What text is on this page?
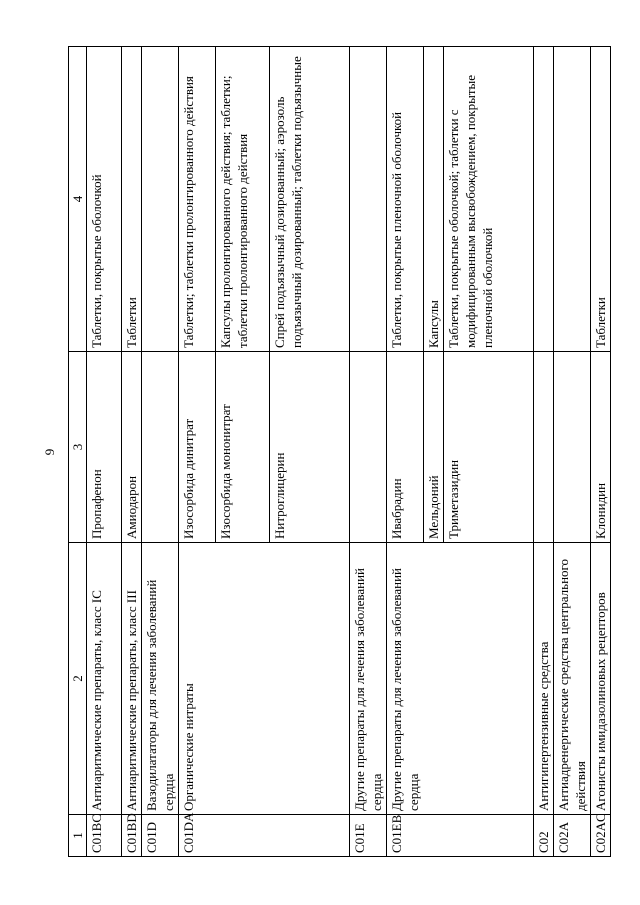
9
1	2	3	4
C01BC	Антиаритмические препараты, класс IC	Пропафенон	Таблетки, покрытые оболочкой
C01BD	Антиаритмические препараты, класс III	Амиодарон	Таблетки
C01D	Вазодилататоры для лечения заболеваний сердца		
C01DA	Органические нитраты	Изосорбида динитрат	Таблетки; таблетки пролонгированного действия
		Изосорбида мононитрат	Капсулы пролонгированного действия; таблетки; таблетки пролонгированного действия
		Нитроглицерин	Спрей подъязычный дозированный; аэрозоль подъязычный дозированный; таблетки подъязычные
C01E	Другие препараты для лечения заболеваний сердца		
C01EB	Другие препараты для лечения заболеваний сердца	Ивабрадин	Таблетки, покрытые пленочной оболочкой
		Мельдоний	Капсулы
		Триметазидин	Таблетки, покрытые оболочкой; таблетки с модифицированным высвобождением, покрытые пленочной оболочкой
C02	Антигипертензивные средства		
C02A	Антиадренергические средства центрального действия		
C02AC	Агонисты имидазолиновых рецепторов	Клонидин	Таблетки
